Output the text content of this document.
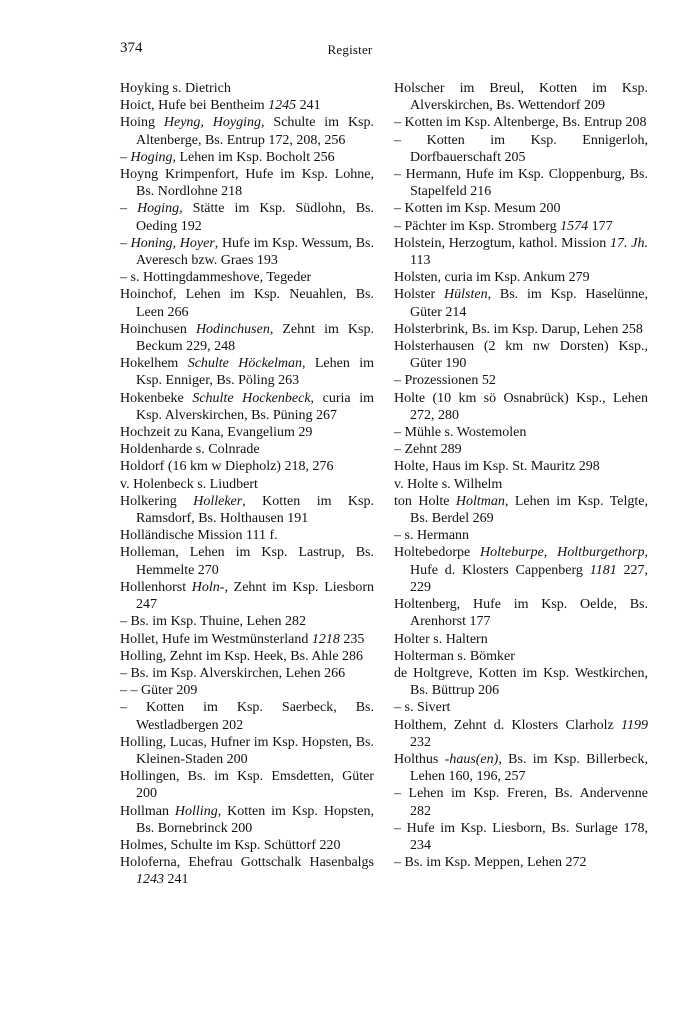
374	Register

Hoyking s. Dietrich

Hoict, Hufe bei Bentheim 1245 241

Hoing Heyng, Hoyging, Schulte im Ksp. Altenberge, Bs. Entrup 172, 208, 256

– Hoging, Lehen im Ksp. Bocholt 256

Hoyng Krimpenfort, Hufe im Ksp. Lohne, Bs. Nordlohne 218

– Hoging, Stätte im Ksp. Südlohn, Bs. Oeding 192

– Honing, Hoyer, Hufe im Ksp. Wessum, Bs. Averesch bzw. Graes 193

– s. Hottingdammeshove, Tegeder

Hoinchof, Lehen im Ksp. Neuahlen, Bs. Leen 266

Hoinchusen Hodinchusen, Zehnt im Ksp. Beckum 229, 248

Hokelhem Schulte Höckelman, Lehen im Ksp. Enniger, Bs. Pöling 263

Hokenbeke Schulte Hockenbeck, curia im Ksp. Alverskirchen, Bs. Püning 267

Hochzeit zu Kana, Evangelium 29

Holdenharde s. Colnrade

Holdorf (16 km w Diepholz) 218, 276

v. Holenbeck s. Liudbert

Holkering Holleker, Kotten im Ksp. Ramsdorf, Bs. Holthausen 191

Holländische Mission 111 f.

Holleman, Lehen im Ksp. Lastrup, Bs. Hemmelte 270

Hollenhorst Holn-, Zehnt im Ksp. Liesborn 247

– Bs. im Ksp. Thuine, Lehen 282

Hollet, Hufe im Westmünsterland 1218 235

Holling, Zehnt im Ksp. Heek, Bs. Ahle 286

– Bs. im Ksp. Alverskirchen, Lehen 266

– – Güter 209

– Kotten im Ksp. Saerbeck, Bs. Westladbergen 202

Holling, Lucas, Hufner im Ksp. Hopsten, Bs. Kleinen-Staden 200

Hollingen, Bs. im Ksp. Emsdetten, Güter 200

Hollman Holling, Kotten im Ksp. Hopsten, Bs. Bornebrinck 200

Holmes, Schulte im Ksp. Schüttorf 220

Holoferna, Ehefrau Gottschalk Hasenbalgs 1243 241

Holscher im Breul, Kotten im Ksp. Alverskirchen, Bs. Wettendorf 209

– Kotten im Ksp. Altenberge, Bs. Entrup 208

– Kotten im Ksp. Ennigerloh, Dorfbauerschaft 205

– Hermann, Hufe im Ksp. Cloppenburg, Bs. Stapelfeld 216

– Kotten im Ksp. Mesum 200

– Pächter im Ksp. Stromberg 1574 177

Holstein, Herzogtum, kathol. Mission 17. Jh. 113

Holsten, curia im Ksp. Ankum 279

Holster Hülsten, Bs. im Ksp. Haselünne, Güter 214

Holsterbrink, Bs. im Ksp. Darup, Lehen 258

Holsterhausen (2 km nw Dorsten) Ksp., Güter 190

– Prozessionen 52

Holte (10 km sö Osnabrück) Ksp., Lehen 272, 280

– Mühle s. Wostemolen

– Zehnt 289

Holte, Haus im Ksp. St. Mauritz 298

v. Holte s. Wilhelm

ton Holte Holtman, Lehen im Ksp. Telgte, Bs. Berdel 269

– s. Hermann

Holtebedorpe Holteburpe, Holtburgethorp, Hufe d. Klosters Cappenberg 1181 227, 229

Holtenberg, Hufe im Ksp. Oelde, Bs. Arenhorst 177

Holter s. Haltern

Holterman s. Bömker

de Holtgreve, Kotten im Ksp. Westkirchen, Bs. Büttrup 206

– s. Sivert

Holthem, Zehnt d. Klosters Clarholz 1199 232

Holthus -haus(en), Bs. im Ksp. Billerbeck, Lehen 160, 196, 257

– Lehen im Ksp. Freren, Bs. Andervenne 282

– Hufe im Ksp. Liesborn, Bs. Surlage 178, 234

– Bs. im Ksp. Meppen, Lehen 272
